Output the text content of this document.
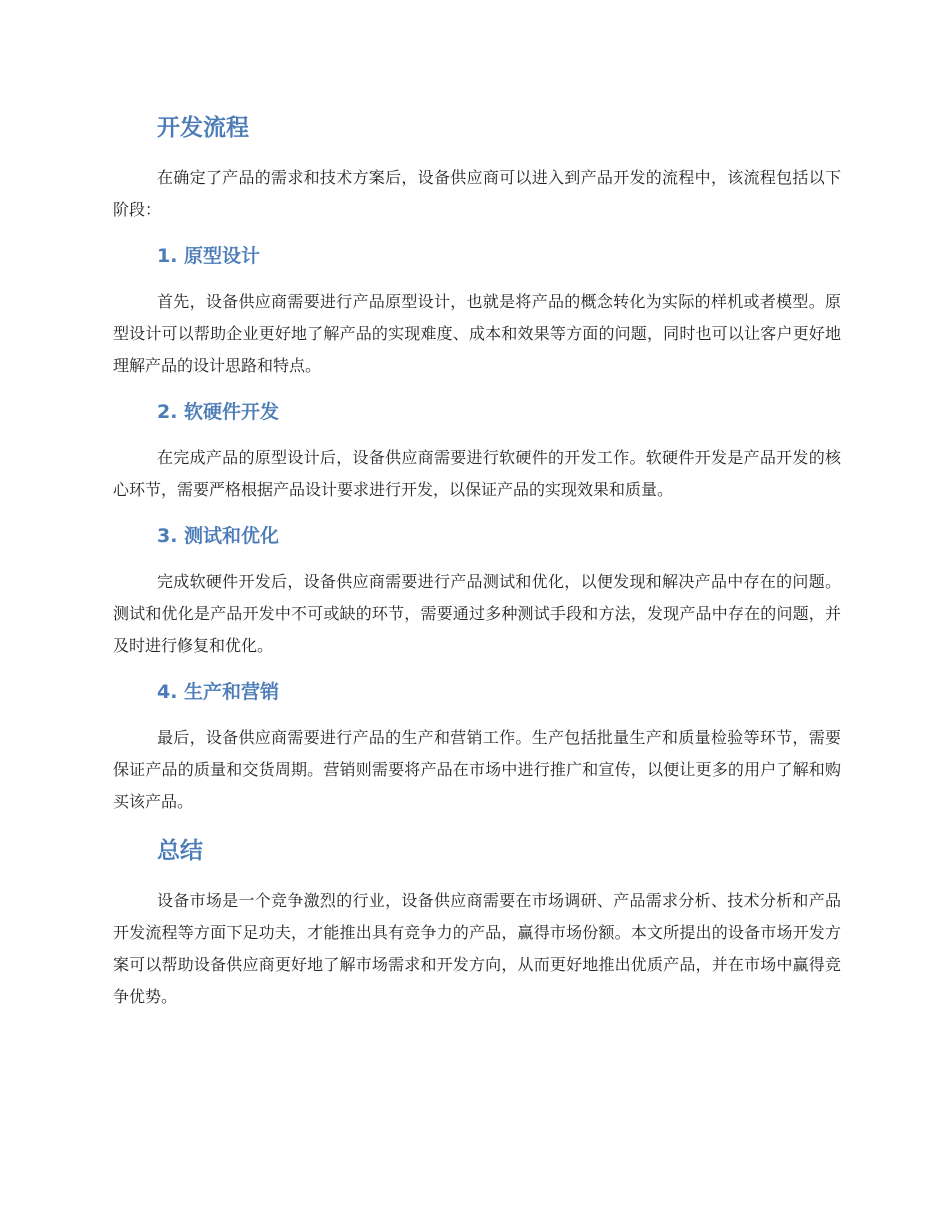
开发流程

在确定了产品的需求和技术方案后，设备供应商可以进入到产品开发的流程中，该流程包括以下阶段：

1. 原型设计

首先，设备供应商需要进行产品原型设计，也就是将产品的概念转化为实际的样机或者模型。原型设计可以帮助企业更好地了解产品的实现难度、成本和效果等方面的问题，同时也可以让客户更好地理解产品的设计思路和特点。

2. 软硬件开发

在完成产品的原型设计后，设备供应商需要进行软硬件的开发工作。软硬件开发是产品开发的核心环节，需要严格根据产品设计要求进行开发，以保证产品的实现效果和质量。

3. 测试和优化

完成软硬件开发后，设备供应商需要进行产品测试和优化，以便发现和解决产品中存在的问题。测试和优化是产品开发中不可或缺的环节，需要通过多种测试手段和方法，发现产品中存在的问题，并及时进行修复和优化。

4. 生产和营销

最后，设备供应商需要进行产品的生产和营销工作。生产包括批量生产和质量检验等环节，需要保证产品的质量和交货周期。营销则需要将产品在市场中进行推广和宣传，以便让更多的用户了解和购买该产品。

总结

设备市场是一个竞争激烈的行业，设备供应商需要在市场调研、产品需求分析、技术分析和产品开发流程等方面下足功夫，才能推出具有竞争力的产品，赢得市场份额。本文所提出的设备市场开发方案可以帮助设备供应商更好地了解市场需求和开发方向，从而更好地推出优质产品，并在市场中赢得竞争优势。
